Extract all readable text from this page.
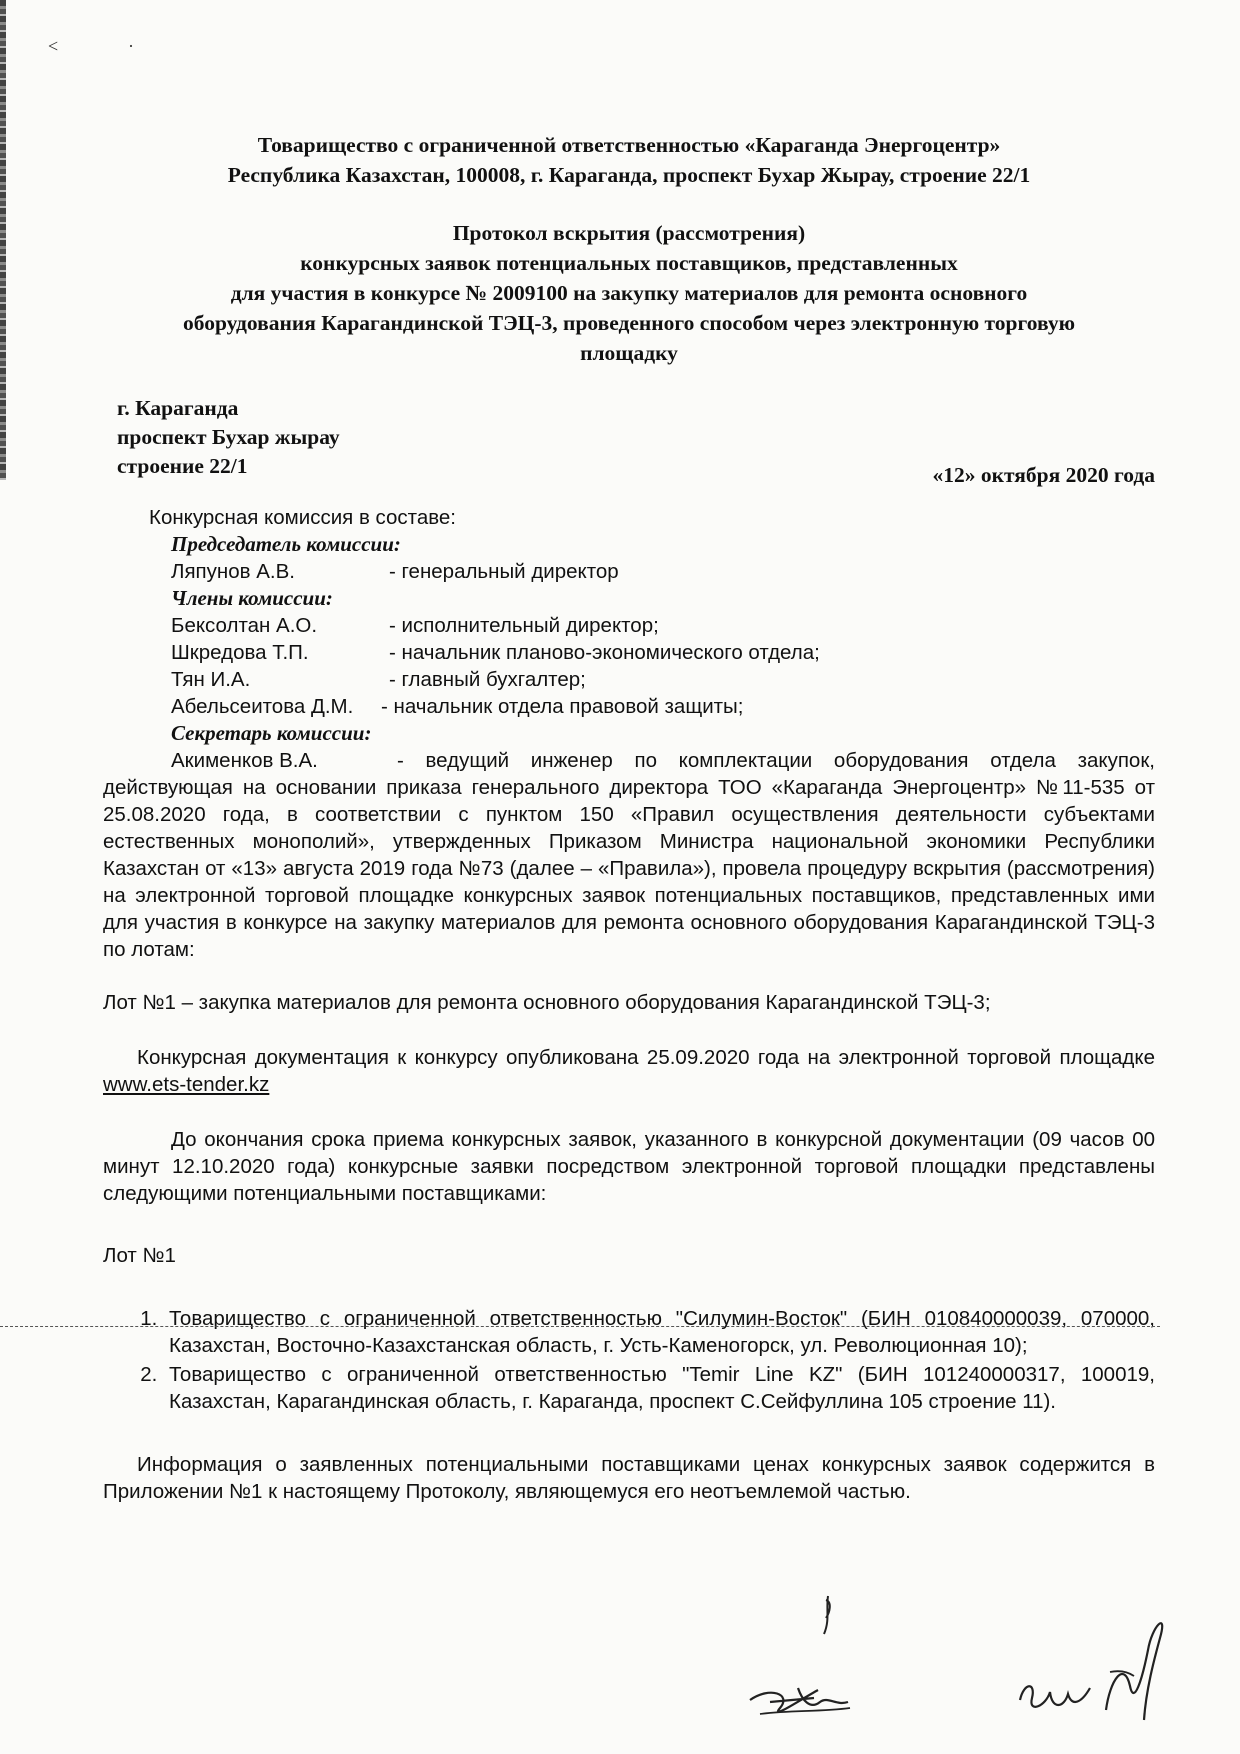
˂	·
Товарищество с ограниченной ответственностью «Караганда Энергоцентр»
Республика Казахстан, 100008, г. Караганда, проспект Бухар Жырау, строение 22/1
Протокол вскрытия (рассмотрения)
конкурсных заявок потенциальных поставщиков, представленных
для участия в конкурсе № 2009100 на закупку материалов для ремонта основного
оборудования Карагандинской ТЭЦ-3, проведенного способом через электронную торговую
площадку
г. Караганда
проспект Бухар жырау
строение 22/1	«12» октября 2020 года
Конкурсная комиссия в составе:
Председатель комиссии:
Ляпунов А.В.	- генеральный директор
Члены комиссии:
Бексолтан А.О.	- исполнительный директор;
Шкредова Т.П.	- начальник планово-экономического отдела;
Тян И.А.	- главный бухгалтер;
Абельсеитова Д.М.	- начальник отдела правовой защиты;
Секретарь комиссии:
Акименков В.А.	- ведущий инженер по комплектации оборудования отдела закупок, действующая на основании приказа генерального директора ТОО «Караганда Энергоцентр» №11-535 от 25.08.2020 года, в соответствии с пунктом 150 «Правил осуществления деятельности субъектами естественных монополий», утвержденных Приказом Министра национальной экономики Республики Казахстан от «13» августа 2019 года №73 (далее – «Правила»), провела процедуру вскрытия (рассмотрения) на электронной торговой площадке конкурсных заявок потенциальных поставщиков, представленных ими для участия в конкурсе на закупку материалов для ремонта основного оборудования Карагандинской ТЭЦ-3 по лотам:
Лот №1 – закупка материалов для ремонта основного оборудования Карагандинской ТЭЦ-3;
Конкурсная документация к конкурсу опубликована 25.09.2020 года на электронной торговой площадке www.ets-tender.kz
До окончания срока приема конкурсных заявок, указанного в конкурсной документации (09 часов 00 минут 12.10.2020 года) конкурсные заявки посредством электронной торговой площадки представлены следующими потенциальными поставщиками:
Лот №1
1. Товарищество с ограниченной ответственностью "Силумин-Восток" (БИН 010840000039, 070000, Казахстан, Восточно-Казахстанская область, г. Усть-Каменогорск, ул. Революционная 10);
2. Товарищество с ограниченной ответственностью "Temir Line KZ" (БИН 101240000317, 100019, Казахстан, Карагандинская область, г. Караганда, проспект С.Сейфуллина 105 строение 11).
Информация о заявленных потенциальными поставщиками ценах конкурсных заявок содержится в Приложении №1 к настоящему Протоколу, являющемуся его неотъемлемой частью.
